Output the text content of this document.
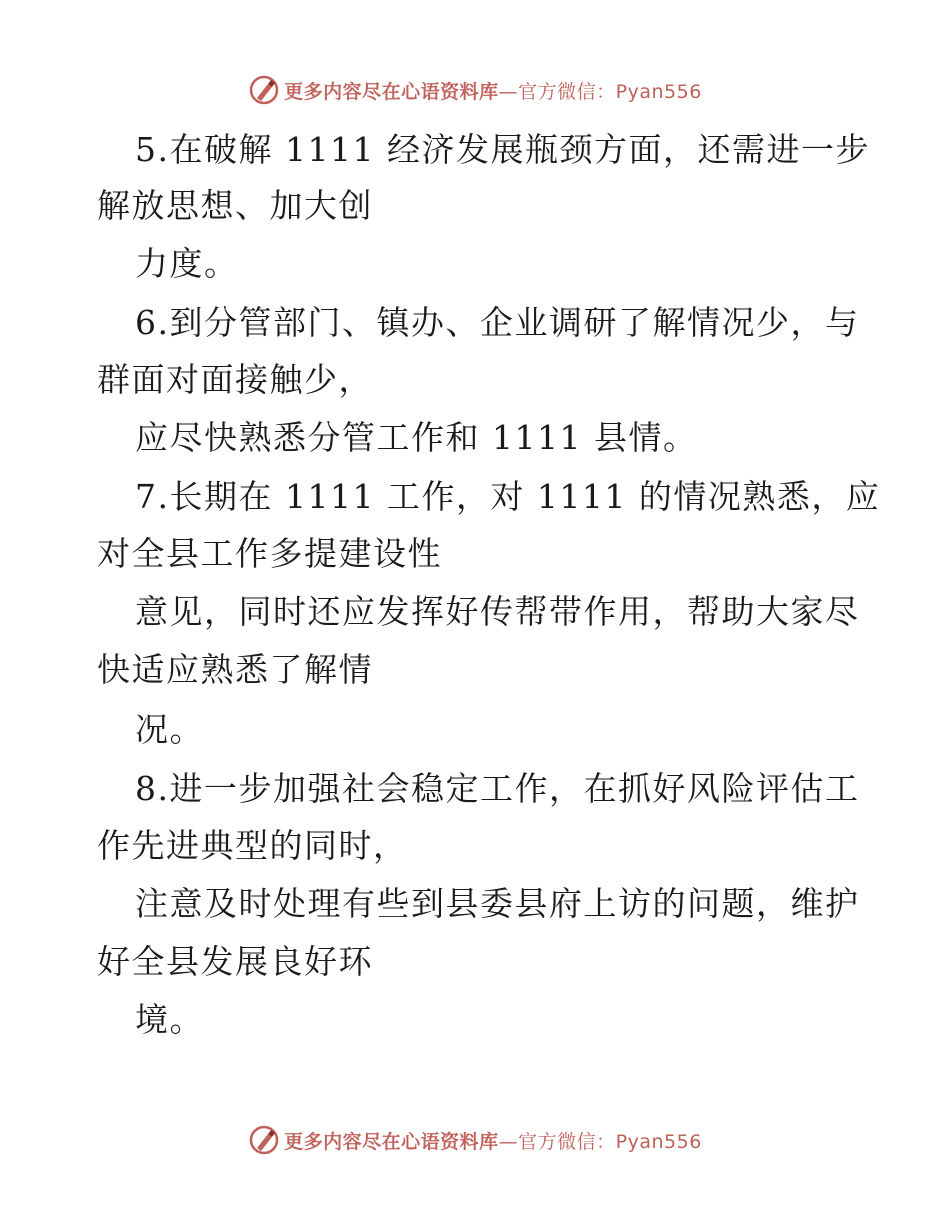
更多内容尽在心语资料库—官方微信：Pyan556
5.在破解 1111 经济发展瓶颈方面，还需进一步
解放思想、加大创
力度。
6.到分管部门、镇办、企业调研了解情况少，与
群面对面接触少，
应尽快熟悉分管工作和 1111 县情。
7.长期在 1111 工作，对 1111 的情况熟悉，应
对全县工作多提建设性
意见，同时还应发挥好传帮带作用，帮助大家尽
快适应熟悉了解情
况。
8.进一步加强社会稳定工作，在抓好风险评估工
作先进典型的同时，
注意及时处理有些到县委县府上访的问题，维护
好全县发展良好环
境。
更多内容尽在心语资料库—官方微信：Pyan556
